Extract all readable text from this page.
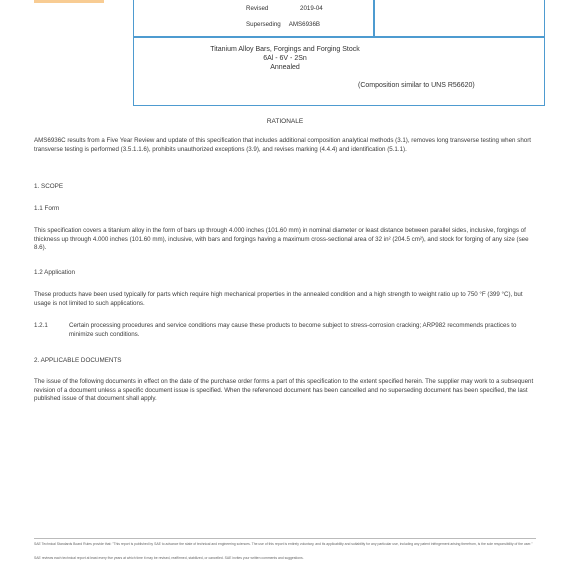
Revised	2019-04
Superseding AMS6936B
Titanium Alloy Bars, Forgings and Forging Stock
6Al - 6V - 2Sn
Annealed
(Composition similar to UNS R56620)
RATIONALE
AMS6936C results from a Five Year Review and update of this specification that includes additional composition analytical methods (3.1), removes long transverse testing when short transverse testing is performed (3.5.1.1.6), prohibits unauthorized exceptions (3.9), and revises marking (4.4.4) and identification (5.1.1).
1. SCOPE
1.1 Form
This specification covers a titanium alloy in the form of bars up through 4.000 inches (101.60 mm) in nominal diameter or least distance between parallel sides, inclusive, forgings of thickness up through 4.000 inches (101.60 mm), inclusive, with bars and forgings having a maximum cross-sectional area of 32 in² (204.5 cm²), and stock for forging of any size (see 8.6).
1.2 Application
These products have been used typically for parts which require high mechanical properties in the annealed condition and a high strength to weight ratio up to 750 °F (399 °C), but usage is not limited to such applications.
1.2.1	Certain processing procedures and service conditions may cause these products to become subject to stress-corrosion cracking; ARP982 recommends practices to minimize such conditions.
2. APPLICABLE DOCUMENTS
The issue of the following documents in effect on the date of the purchase order forms a part of this specification to the extent specified herein. The supplier may work to a subsequent revision of a document unless a specific document issue is specified. When the referenced document has been cancelled and no superseding document has been specified, the last published issue of that document shall apply.
SAE Technical Standards Board Rules provide that: "This report is published by SAE to advance the state of technical and engineering sciences. The use of this report is entirely voluntary, and its applicability and suitability for any particular use, including any patent infringement arising therefrom, is the sole responsibility of the user."
SAE reviews each technical report at least every five years at which time it may be revised, reaffirmed, stabilized, or cancelled. SAE invites your written comments and suggestions.
